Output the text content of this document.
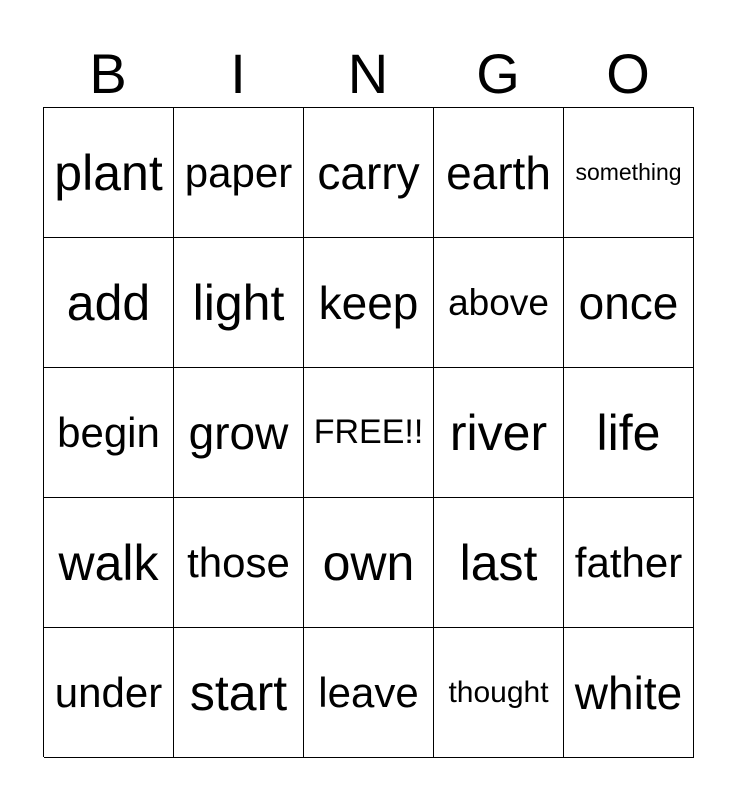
B	I	N	G	O
plant paper carry earth something
add light keep above once
begin grow FREE!! river life
walk those own last father
under start leave thought white
